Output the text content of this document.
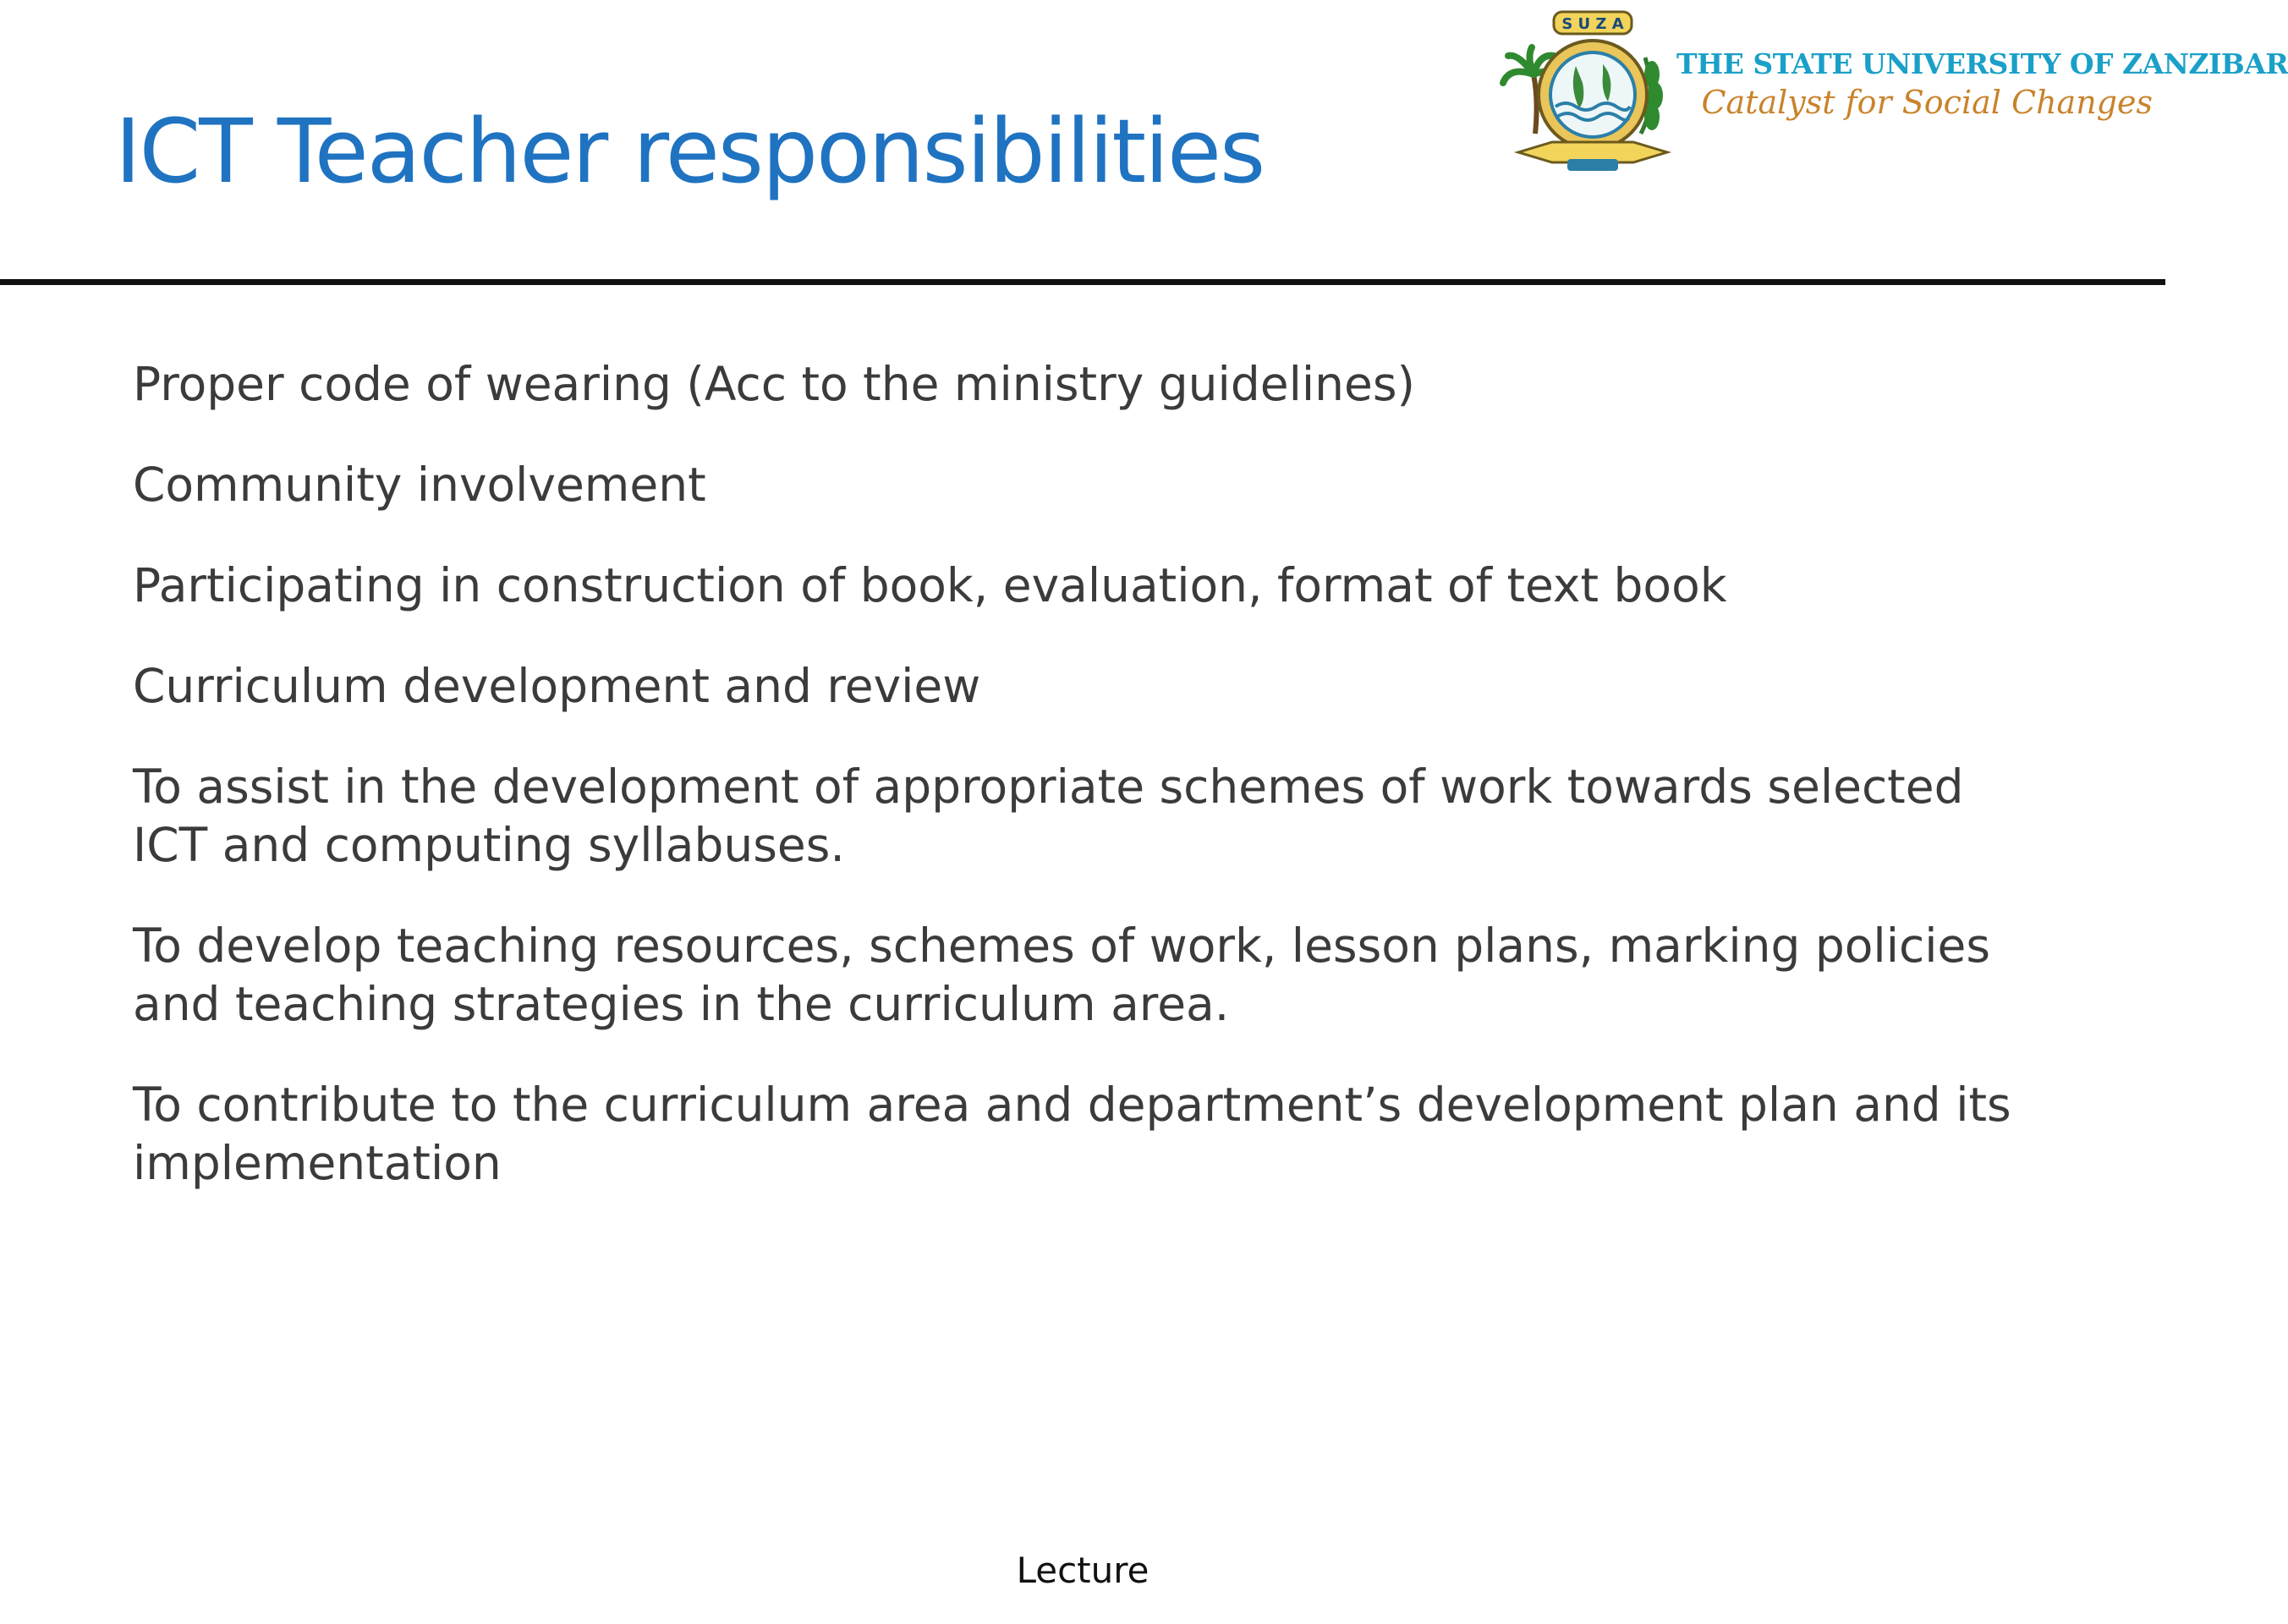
ICT Teacher responsibilities
S U Z A
THE STATE UNIVERSITY OF ZANZIBAR
Catalyst for Social Changes
Proper code of wearing (Acc to the ministry guidelines)
Community involvement
Participating in construction of book, evaluation, format of text book
Curriculum development and review
To assist in the development of appropriate schemes of work towards selected ICT and computing syllabuses.
To develop teaching resources, schemes of work, lesson plans, marking policies and teaching strategies in the curriculum area.
To contribute to the curriculum area and department’s development plan and its implementation
Lecture
